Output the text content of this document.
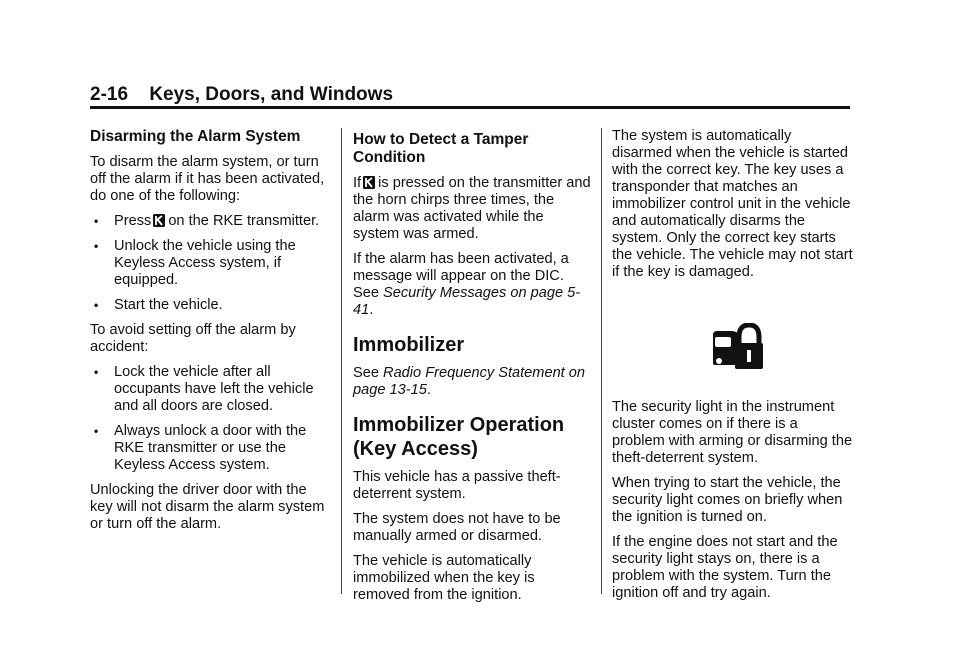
2-16 Keys, Doors, and Windows
Disarming the Alarm System

To disarm the alarm system, or turn off the alarm if it has been activated, do one of the following:

• Press on the RKE transmitter.
• Unlock the vehicle using the Keyless Access system, if equipped.
• Start the vehicle.

To avoid setting off the alarm by accident:

• Lock the vehicle after all occupants have left the vehicle and all doors are closed.
• Always unlock a door with the RKE transmitter or use the Keyless Access system.

Unlocking the driver door with the key will not disarm the alarm system or turn off the alarm.

How to Detect a Tamper Condition

If is pressed on the transmitter and the horn chirps three times, the alarm was activated while the system was armed.

If the alarm has been activated, a message will appear on the DIC. See Security Messages on page 5-41.

Immobilizer

See Radio Frequency Statement on page 13-15.

Immobilizer Operation (Key Access)

This vehicle has a passive theft-deterrent system.

The system does not have to be manually armed or disarmed.

The vehicle is automatically immobilized when the key is removed from the ignition.

The system is automatically disarmed when the vehicle is started with the correct key. The key uses a transponder that matches an immobilizer control unit in the vehicle and automatically disarms the system. Only the correct key starts the vehicle. The vehicle may not start if the key is damaged.

The security light in the instrument cluster comes on if there is a problem with arming or disarming the theft-deterrent system.

When trying to start the vehicle, the security light comes on briefly when the ignition is turned on.

If the engine does not start and the security light stays on, there is a problem with the system. Turn the ignition off and try again.
